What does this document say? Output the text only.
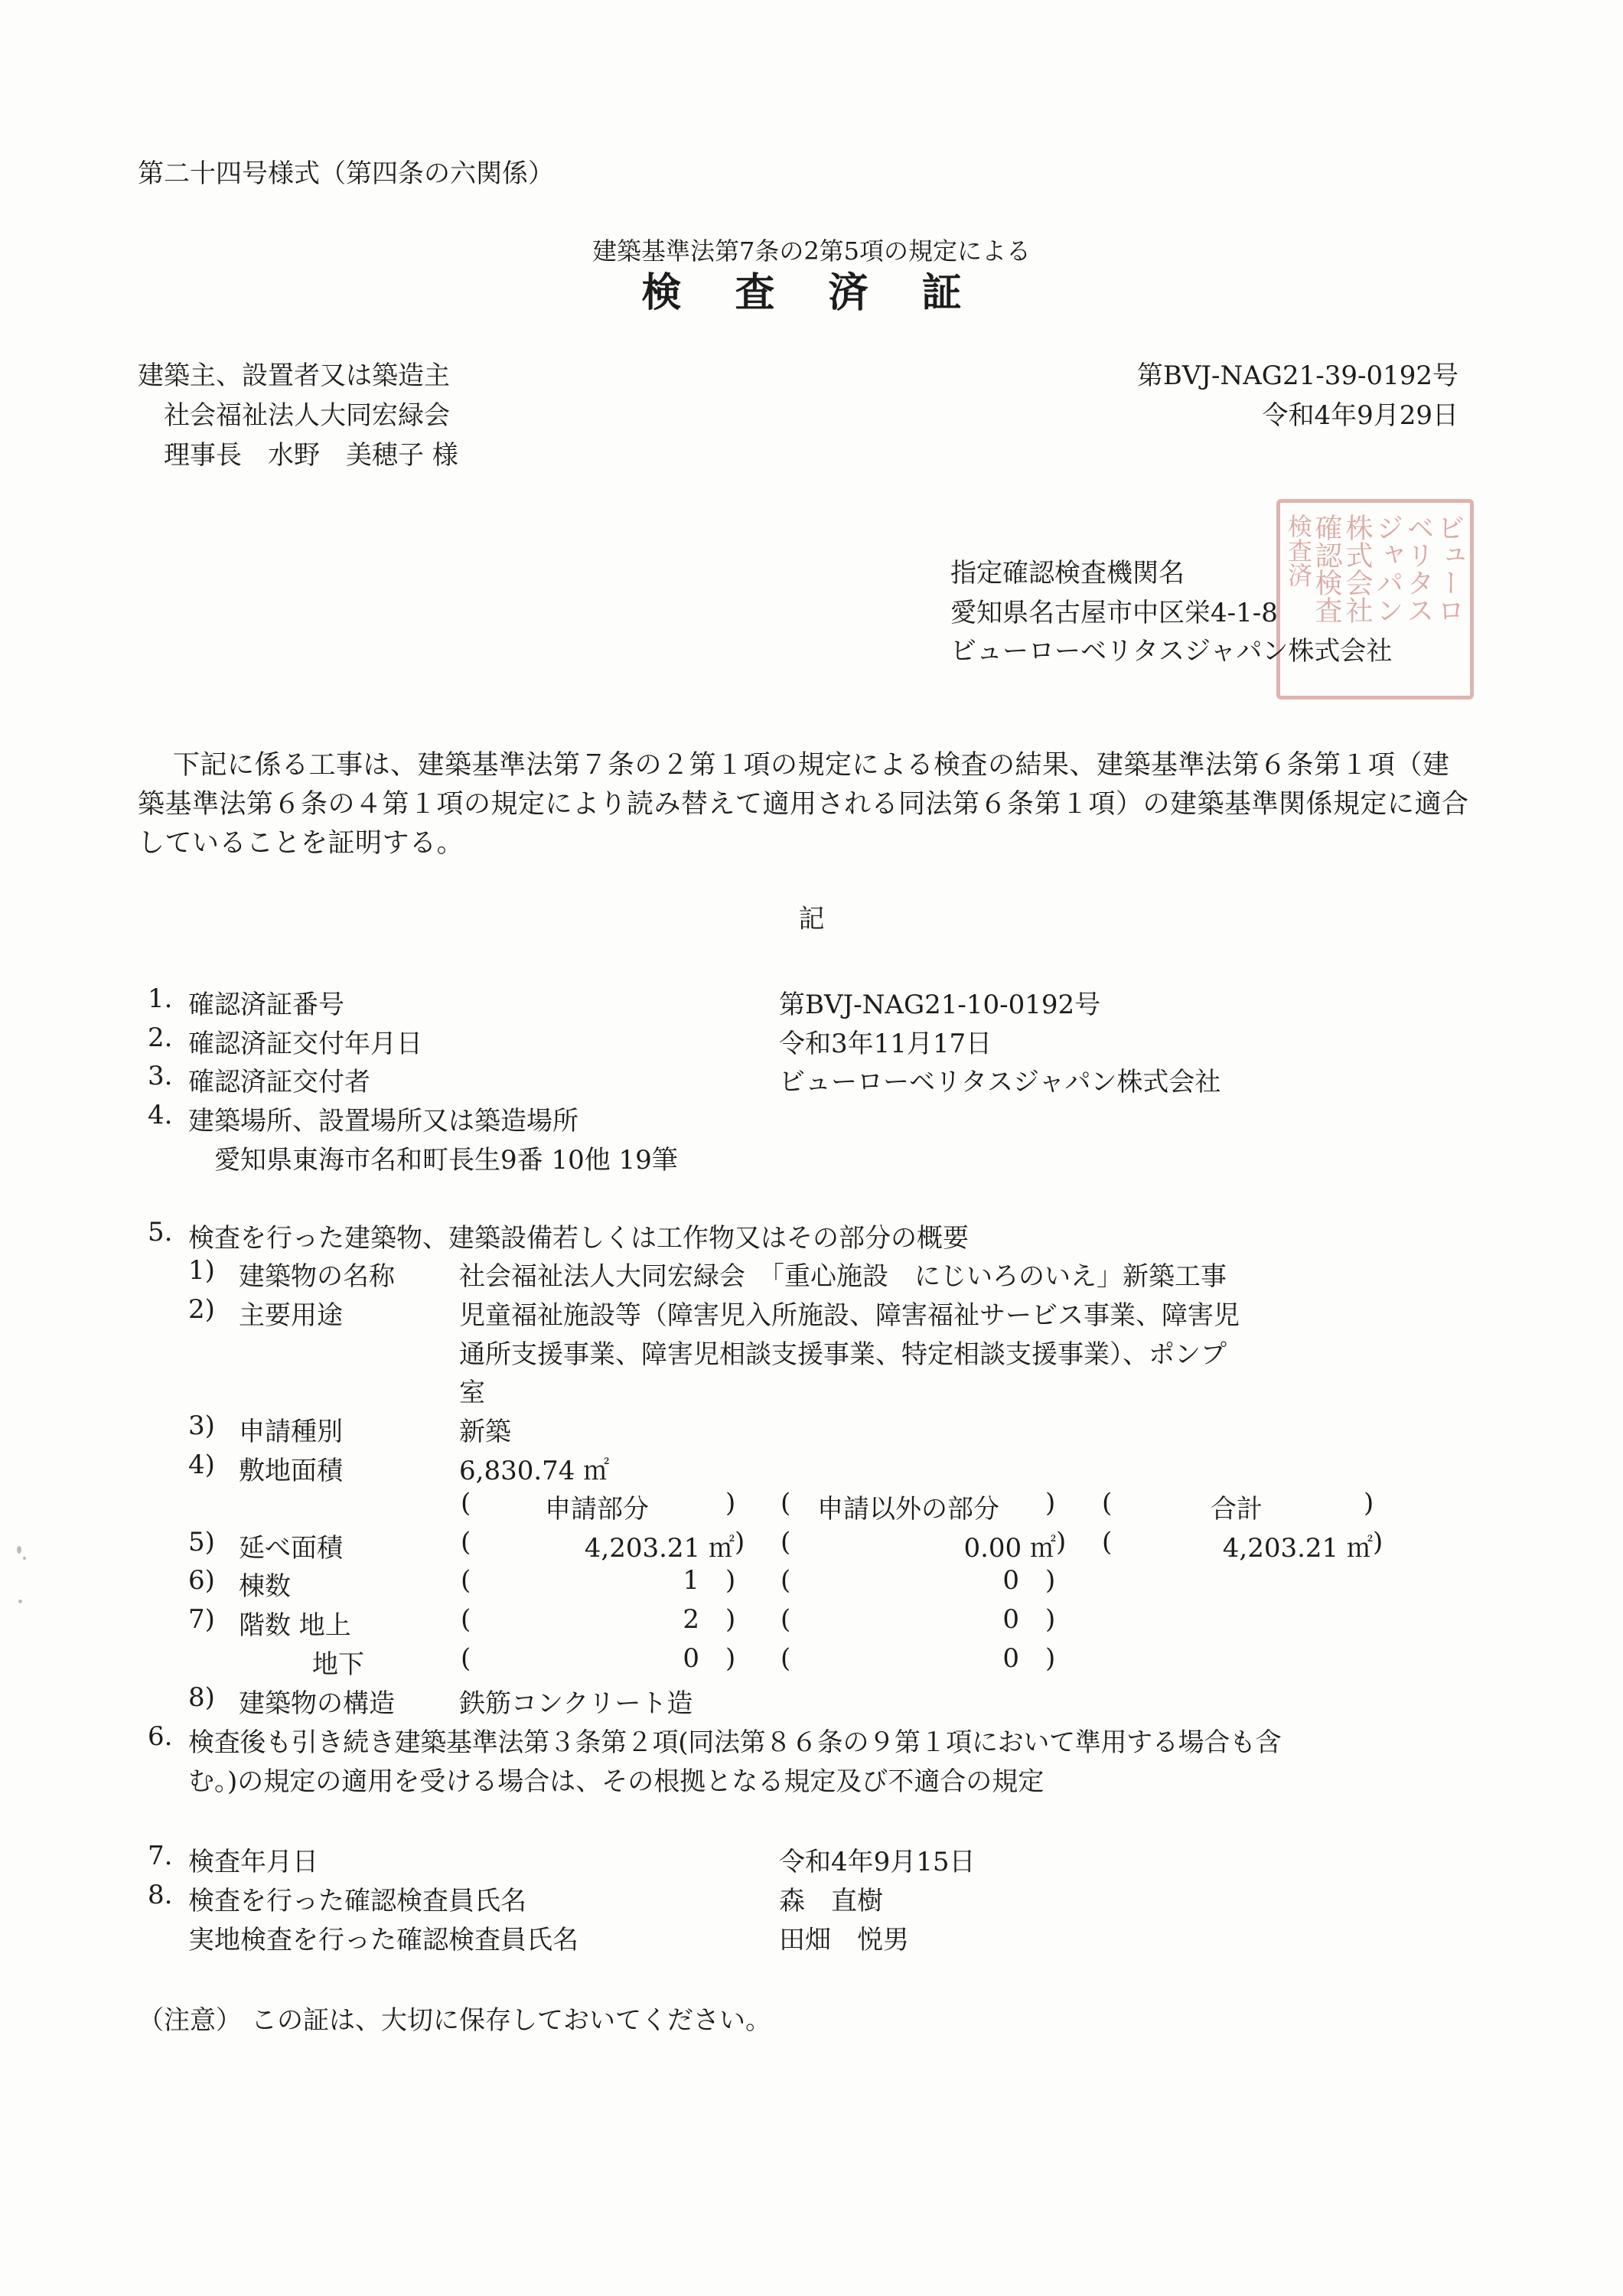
第二十四号様式（第四条の六関係）
建築基準法第7条の2第5項の規定による
検 査 済 証
建築主、設置者又は築造主
社会福祉法人大同宏緑会
理事長　水野　美穂子 様
第BVJ-NAG21-39-0192号
令和4年9月29日
ビューロ
ベリタス
ジャパン
株式会社
確認検査
検査済
指定確認検査機関名
愛知県名古屋市中区栄4-1-8
ビューローベリタスジャパン株式会社
下記に係る工事は、建築基準法第７条の２第１項の規定による検査の結果、建築基準法第６条第１項（建築基準法第６条の４第１項の規定により読み替えて適用される同法第６条第１項）の建築基準関係規定に適合していることを証明する。
記
1. 確認済証番号	第BVJ-NAG21-10-0192号
2. 確認済証交付年月日	令和3年11月17日
3. 確認済証交付者	ビューローベリタスジャパン株式会社
4. 建築場所、設置場所又は築造場所
愛知県東海市名和町長生9番 10他 19筆
5. 検査を行った建築物、建築設備若しくは工作物又はその部分の概要
1) 建築物の名称 社会福祉法人大同宏緑会　「重心施設　にじいろのいえ」新築工事
2) 主要用途	児童福祉施設等（障害児入所施設、障害福祉サービス事業、障害児
通所支援事業、障害児相談支援事業、特定相談支援事業）、ポンプ
室
3) 申請種別	新築
4) 敷地面積	6,830.74 ㎡
(	申請部分	) ( 申請以外の部分 ) (	合計	)
5) 延べ面積	(	4,203.21 ㎡ ) (	0.00 ㎡ ) (	4,203.21 ㎡ )
6) 棟数	(	1 ) (	0 )
7) 階数 地上	(	2 ) (	0 )
地下	(	0 ) (	0 )
8) 建築物の構造 鉄筋コンクリート造
6. 検査後も引き続き建築基準法第３条第２項(同法第８６条の９第１項において準用する場合も含
む。)の規定の適用を受ける場合は、その根拠となる規定及び不適合の規定
7. 検査年月日	令和4年9月15日
8. 検査を行った確認検査員氏名	森　直樹
実地検査を行った確認検査員氏名	田畑　悦男
（注意） この証は、大切に保存しておいてください。
